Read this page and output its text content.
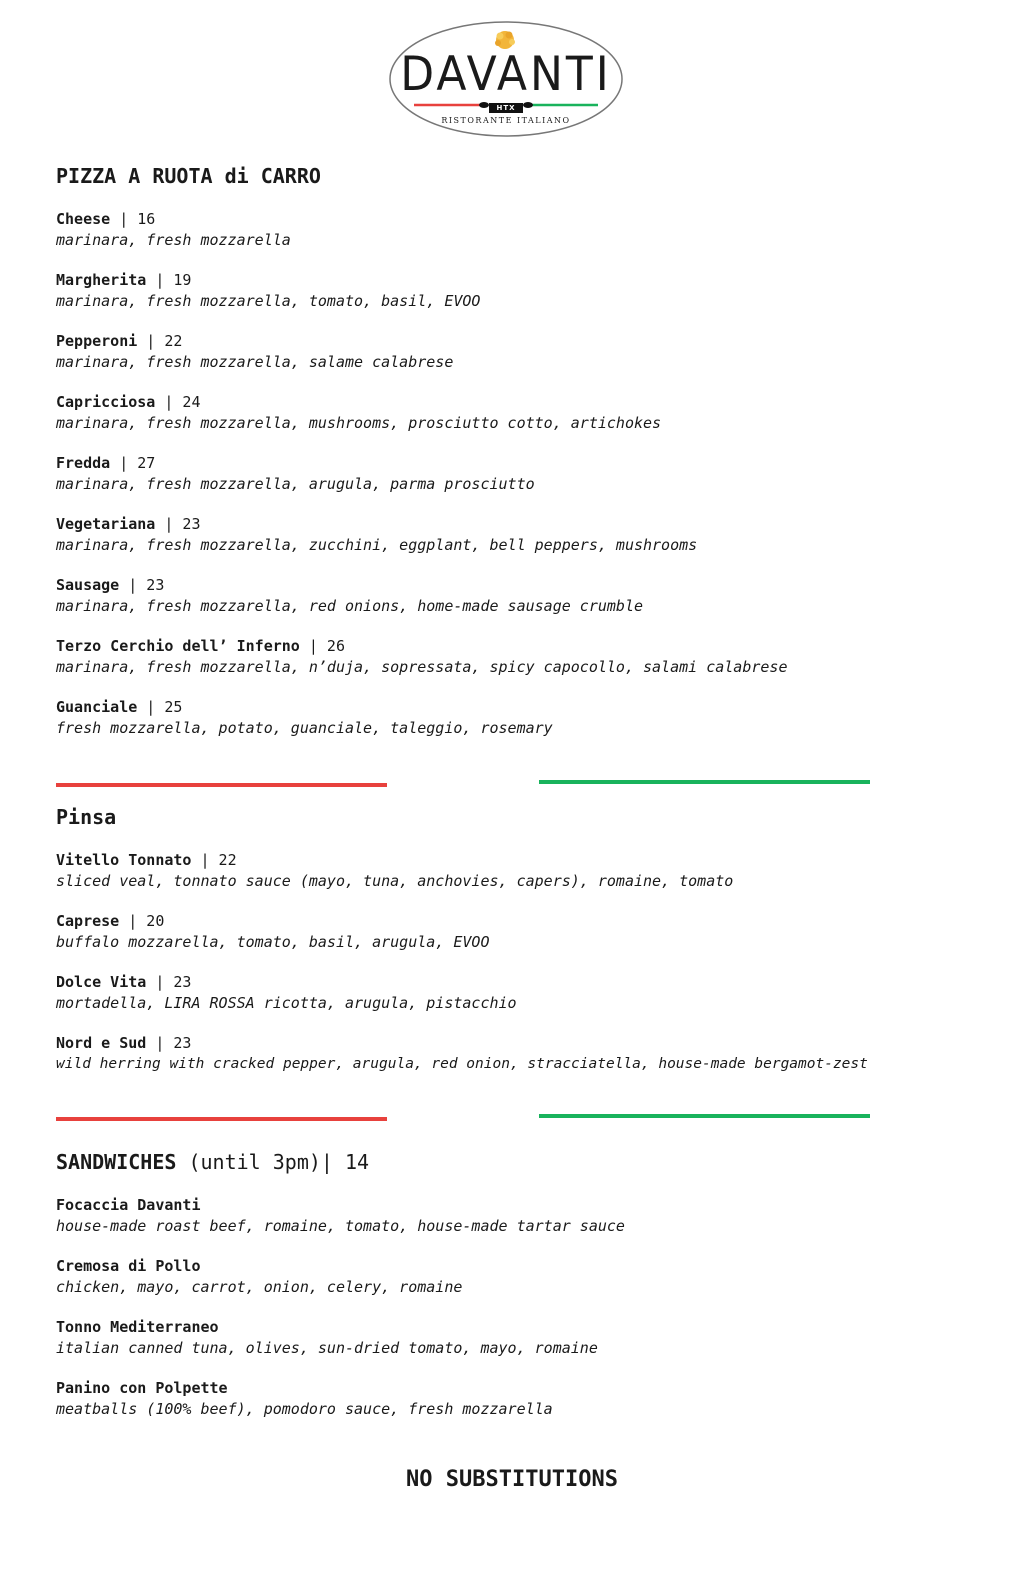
DAVANTI
HTX
RISTORANTE ITALIANO
PIZZA A RUOTA di CARRO
Cheese | 16
marinara, fresh mozzarella
Margherita | 19
marinara, fresh mozzarella, tomato, basil, EVOO
Pepperoni | 22
marinara, fresh mozzarella, salame calabrese
Capricciosa | 24
marinara, fresh mozzarella, mushrooms, prosciutto cotto, artichokes
Fredda | 27
marinara, fresh mozzarella, arugula, parma prosciutto
Vegetariana | 23
marinara, fresh mozzarella, zucchini, eggplant, bell peppers, mushrooms
Sausage | 23
marinara, fresh mozzarella, red onions, home-made sausage crumble
Terzo Cerchio dell’ Inferno | 26
marinara, fresh mozzarella, n’duja, sopressata, spicy capocollo, salami calabrese
Guanciale | 25
fresh mozzarella, potato, guanciale, taleggio, rosemary
Pinsa
Vitello Tonnato | 22
sliced veal, tonnato sauce (mayo, tuna, anchovies, capers), romaine, tomato
Caprese | 20
buffalo mozzarella, tomato, basil, arugula, EVOO
Dolce Vita | 23
mortadella, LIRA ROSSA ricotta, arugula, pistacchio
Nord e Sud | 23
wild herring with cracked pepper, arugula, red onion, stracciatella, house-made bergamot-zest
SANDWICHES (until 3pm)| 14
Focaccia Davanti
house-made roast beef, romaine, tomato, house-made tartar sauce
Cremosa di Pollo
chicken, mayo, carrot, onion, celery, romaine
Tonno Mediterraneo
italian canned tuna, olives, sun-dried tomato, mayo, romaine
Panino con Polpette
meatballs (100% beef), pomodoro sauce, fresh mozzarella
NO SUBSTITUTIONS
